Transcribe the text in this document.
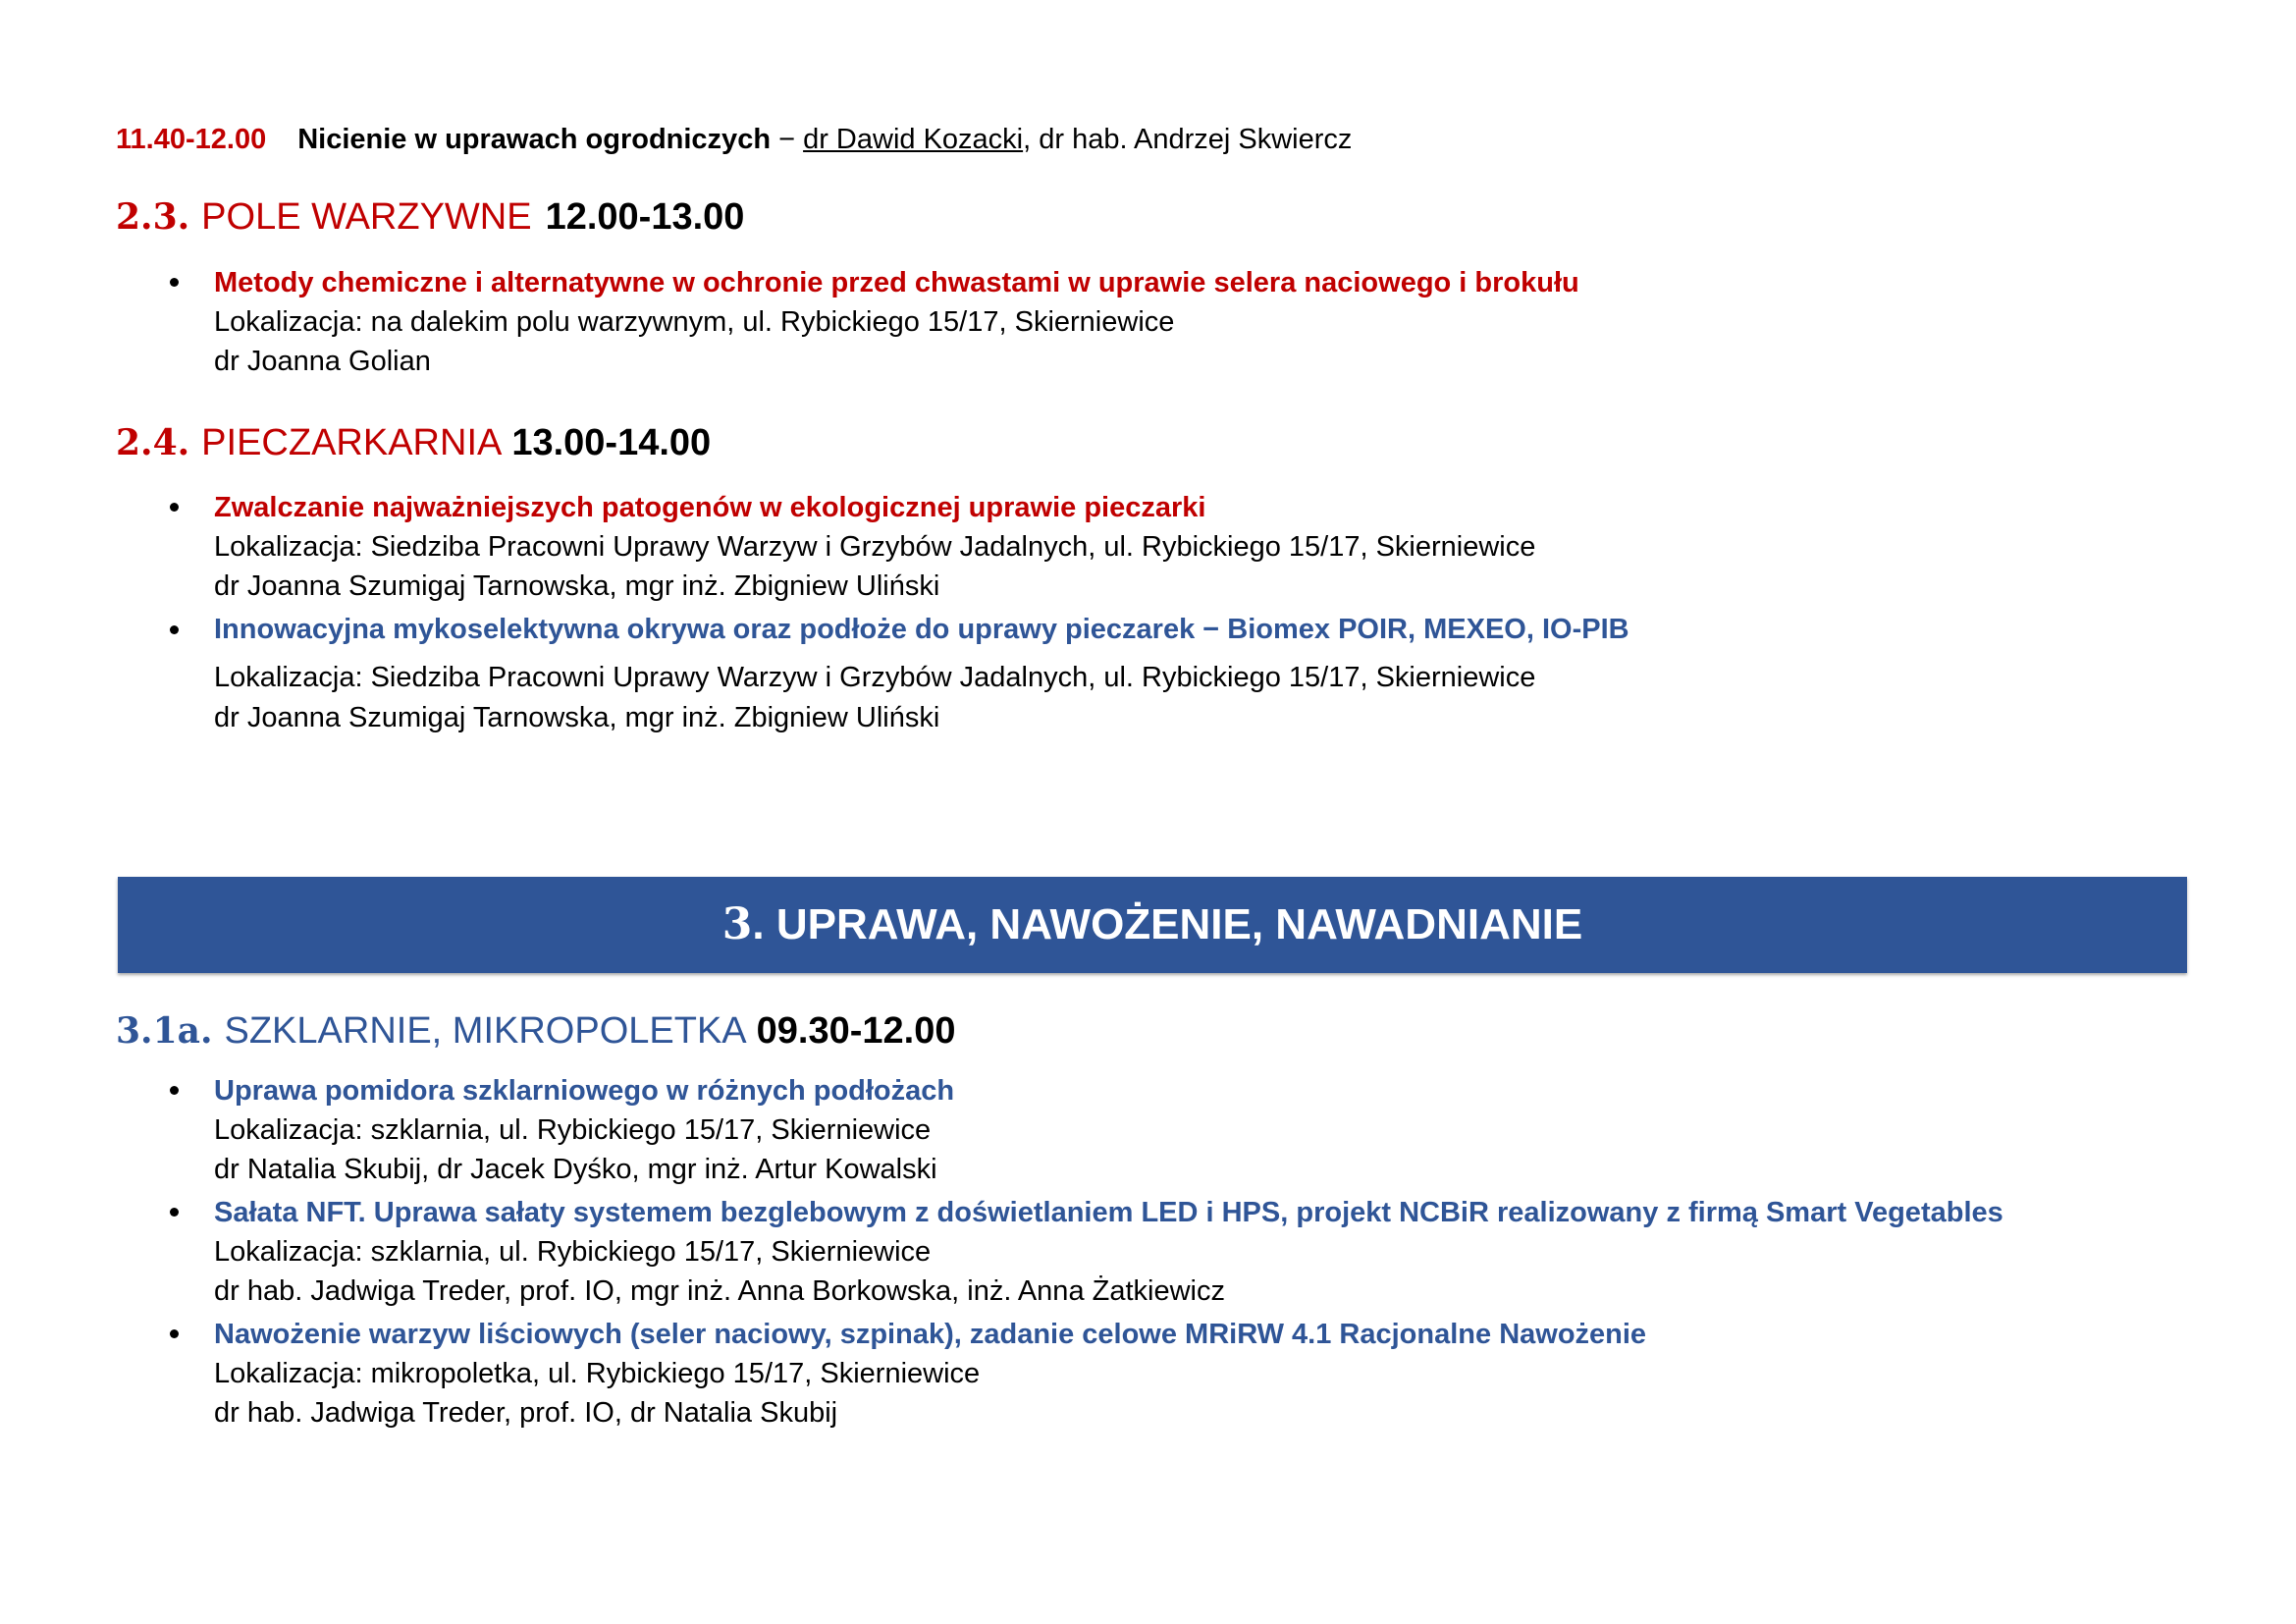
11.40-12.00 Nicienie w uprawach ogrodniczych − dr Dawid Kozacki, dr hab. Andrzej Skwiercz
2.3. POLE WARZYWNE 12.00-13.00
Metody chemiczne i alternatywne w ochronie przed chwastami w uprawie selera naciowego i brokułu
Lokalizacja: na dalekim polu warzywnym, ul. Rybickiego 15/17, Skierniewice
dr Joanna Golian
2.4. PIECZARKARNIA 13.00-14.00
Zwalczanie najważniejszych patogenów w ekologicznej uprawie pieczarki
Lokalizacja: Siedziba Pracowni Uprawy Warzyw i Grzybów Jadalnych, ul. Rybickiego 15/17, Skierniewice
dr Joanna Szumigaj Tarnowska, mgr inż. Zbigniew Uliński
Innowacyjna mykoselektywna okrywa oraz podłoże do uprawy pieczarek − Biomex POIR, MEXEO, IO-PIB
Lokalizacja: Siedziba Pracowni Uprawy Warzyw i Grzybów Jadalnych, ul. Rybickiego 15/17, Skierniewice
dr Joanna Szumigaj Tarnowska, mgr inż. Zbigniew Uliński
3. UPRAWA, NAWOŻENIE, NAWADNIANIE
3.1a. SZKLARNIE, MIKROPOLETKA 09.30-12.00
Uprawa pomidora szklarniowego w różnych podłożach
Lokalizacja: szklarnia, ul. Rybickiego 15/17, Skierniewice
dr Natalia Skubij, dr Jacek Dyśko, mgr inż. Artur Kowalski
Sałata NFT. Uprawa sałaty systemem bezglebowym z doświetlaniem LED i HPS, projekt NCBiR realizowany z firmą Smart Vegetables
Lokalizacja: szklarnia, ul. Rybickiego 15/17, Skierniewice
dr hab. Jadwiga Treder, prof. IO, mgr inż. Anna Borkowska, inż. Anna Żatkiewicz
Nawożenie warzyw liściowych (seler naciowy, szpinak), zadanie celowe MRiRW 4.1 Racjonalne Nawożenie
Lokalizacja: mikropoletka, ul. Rybickiego 15/17, Skierniewice
dr hab. Jadwiga Treder, prof. IO, dr Natalia Skubij
